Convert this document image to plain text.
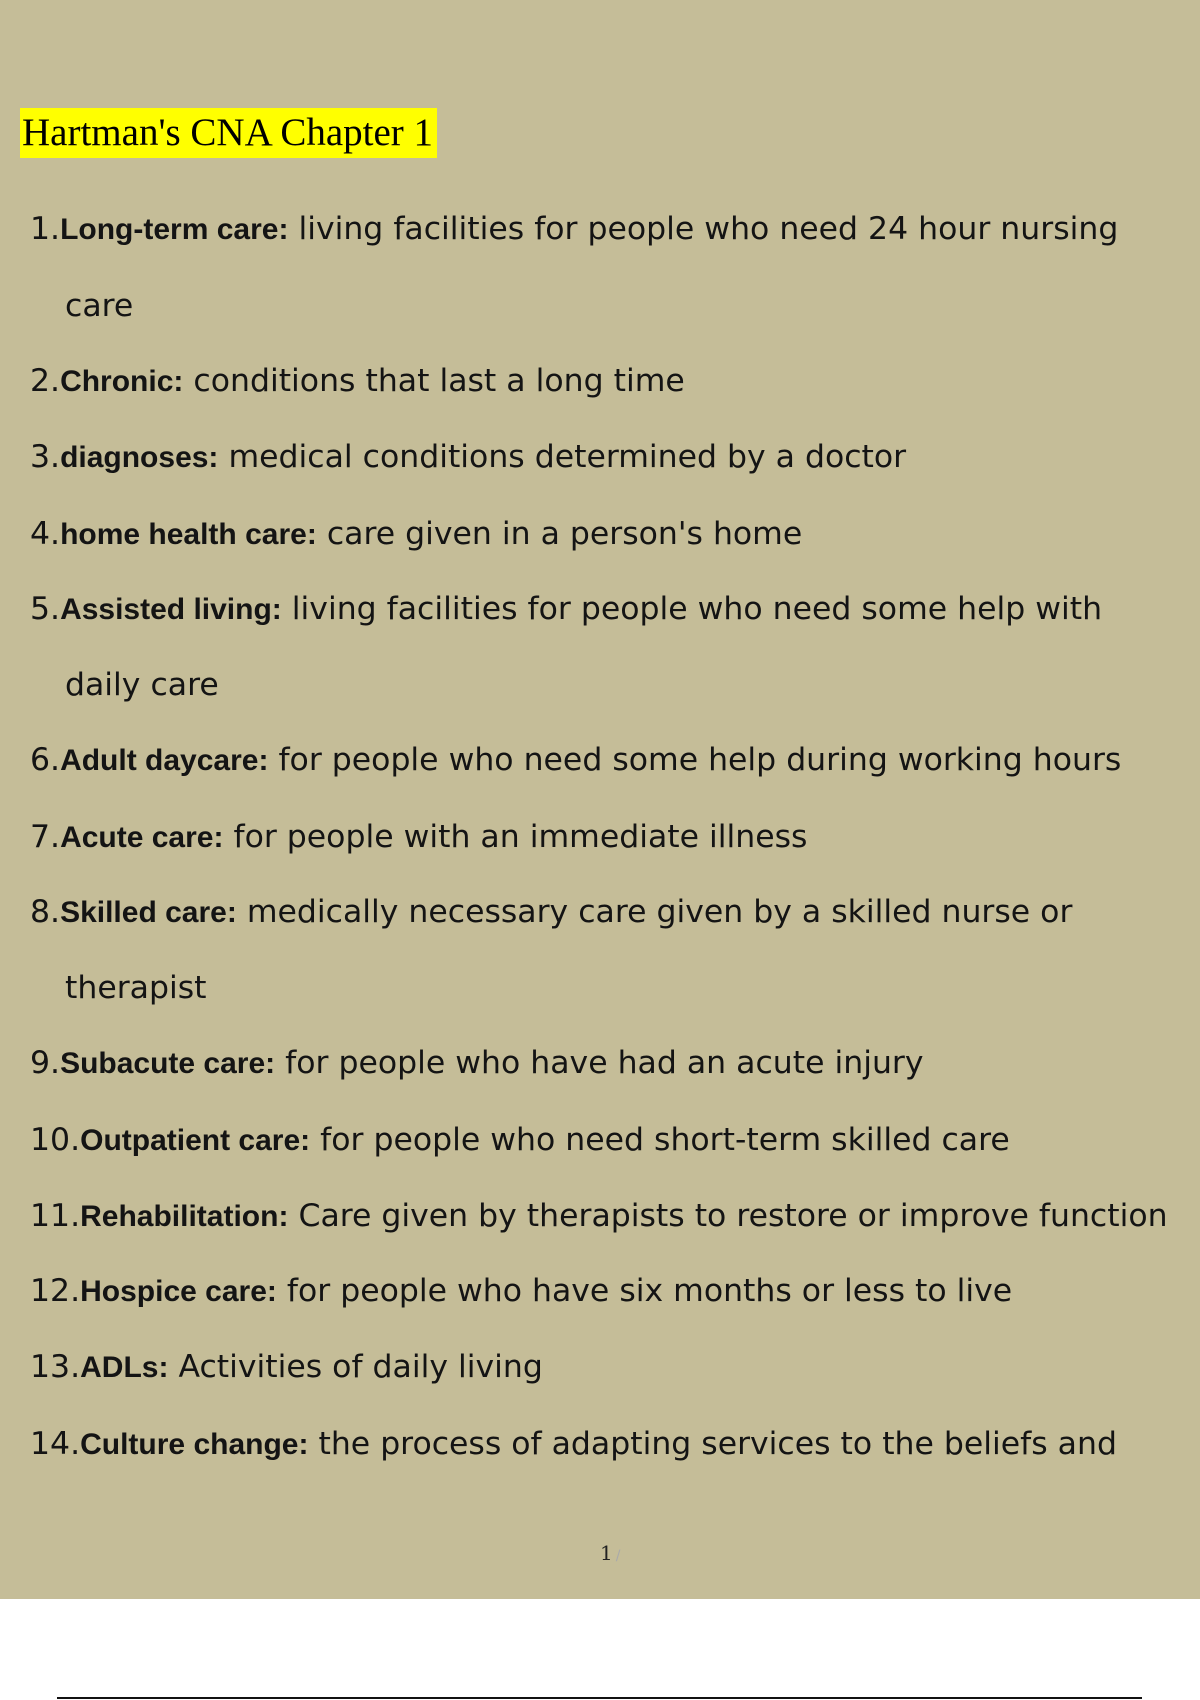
Hartman's CNA Chapter 1
1.Long-term care: living facilities for people who need 24 hour nursing
care
2.Chronic: conditions that last a long time
3.diagnoses: medical conditions determined by a doctor
4.home health care: care given in a person's home
5.Assisted living: living facilities for people who need some help with
daily care
6.Adult daycare: for people who need some help during working hours
7.Acute care: for people with an immediate illness
8.Skilled care: medically necessary care given by a skilled nurse or
therapist
9.Subacute care: for people who have had an acute injury
10.Outpatient care: for people who need short-term skilled care
11.Rehabilitation: Care given by therapists to restore or improve function
12.Hospice care: for people who have six months or less to live
13.ADLs: Activities of daily living
14.Culture change: the process of adapting services to the beliefs and
1 /
